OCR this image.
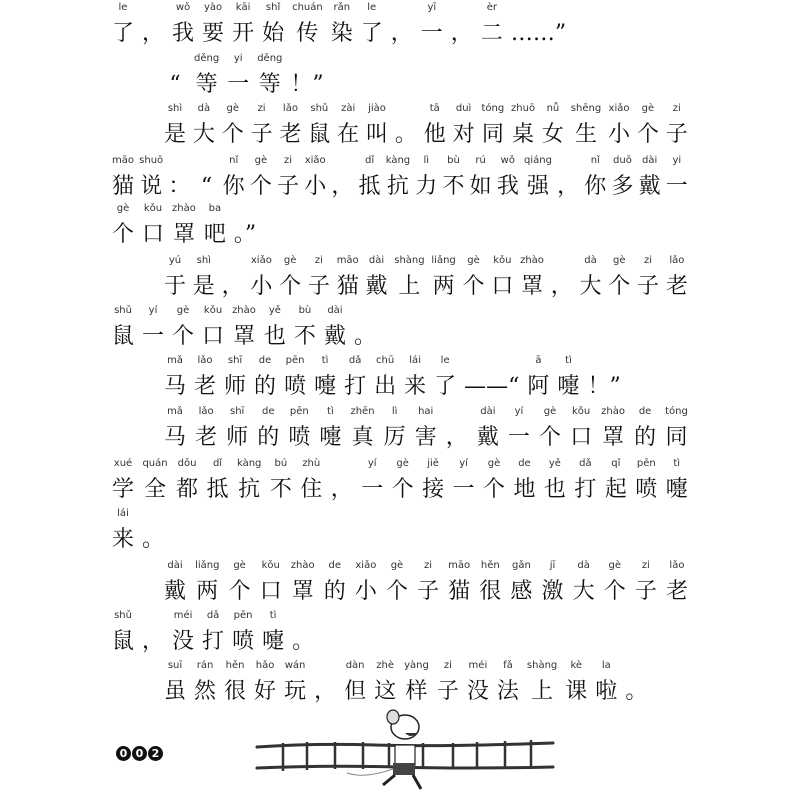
le
了 ，
wǒ
我
yào
要
kāi
开
shǐ
始
chuán
传
rǎn
染
le
了 ，
yī
一 ，
èr
二 ……”
“
děng
等
yi
一
děng
等 ！”
shì
是
dà
大
gè
个
zi
子
lǎo
老
shǔ
鼠
zài
在
jiào
叫 。
tā
他
duì
对
tóng
同
zhuō
桌
nǚ
女
shēng
生
xiǎo
小
gè
个
zi
子
māo
猫
shuō
说 ： “
nǐ
你
gè
个
zi
子
xiǎo
小 ，
dǐ
抵
kàng
抗
lì
力
bù
不
rú
如
wǒ
我
qiáng
强 ，
nǐ
你
duō
多
dài
戴
yi
一
gè
个
kǒu
口
zhào
罩
ba
吧 。”
yú
于
shì
是 ，
xiǎo
小
gè
个
zi
子
māo
猫
dài
戴
shàng
上
liǎng
两
gè
个
kǒu
口
zhào
罩 ，
dà
大
gè
个
zi
子
lǎo
老
shǔ
鼠
yí
一
gè
个
kǒu
口
zhào
罩
yě
也
bù
不
dài
戴 。
mǎ
马
lǎo
老
shī
师
de
的
pēn
喷
tì
嚏
dǎ
打
chū
出
lái
来
le
了 ——“
ā
阿
tì
嚏 ！”
mǎ
马
lǎo
老
shī
师
de
的
pēn
喷
tì
嚏
zhēn
真
lì
厉
hai
害 ，
dài
戴
yí
一
gè
个
kǒu
口
zhào
罩
de
的
tóng
同
xué
学
quán
全
dōu
都
dǐ
抵
kàng
抗
bú
不
zhù
住 ，
yí
一
gè
个
jiē
接
yí
一
gè
个
de
地
yě
也
dǎ
打
qǐ
起
pēn
喷
tì
嚏
lái
来 。
dài
戴
liǎng
两
gè
个
kǒu
口
zhào
罩
de
的
xiǎo
小
gè
个
zi
子
māo
猫
hěn
很
gǎn
感
jī
激
dà
大
gè
个
zi
子
lǎo
老
shǔ
鼠 ，
méi
没
dǎ
打
pēn
喷
tì
嚏 。
suī
虽
rán
然
hěn
很
hǎo
好
wán
玩 ，
dàn
但
zhè
这
yàng
样
zi
子
méi
没
fǎ
法
shàng
上
kè
课
la
啦 。
0 0 2
